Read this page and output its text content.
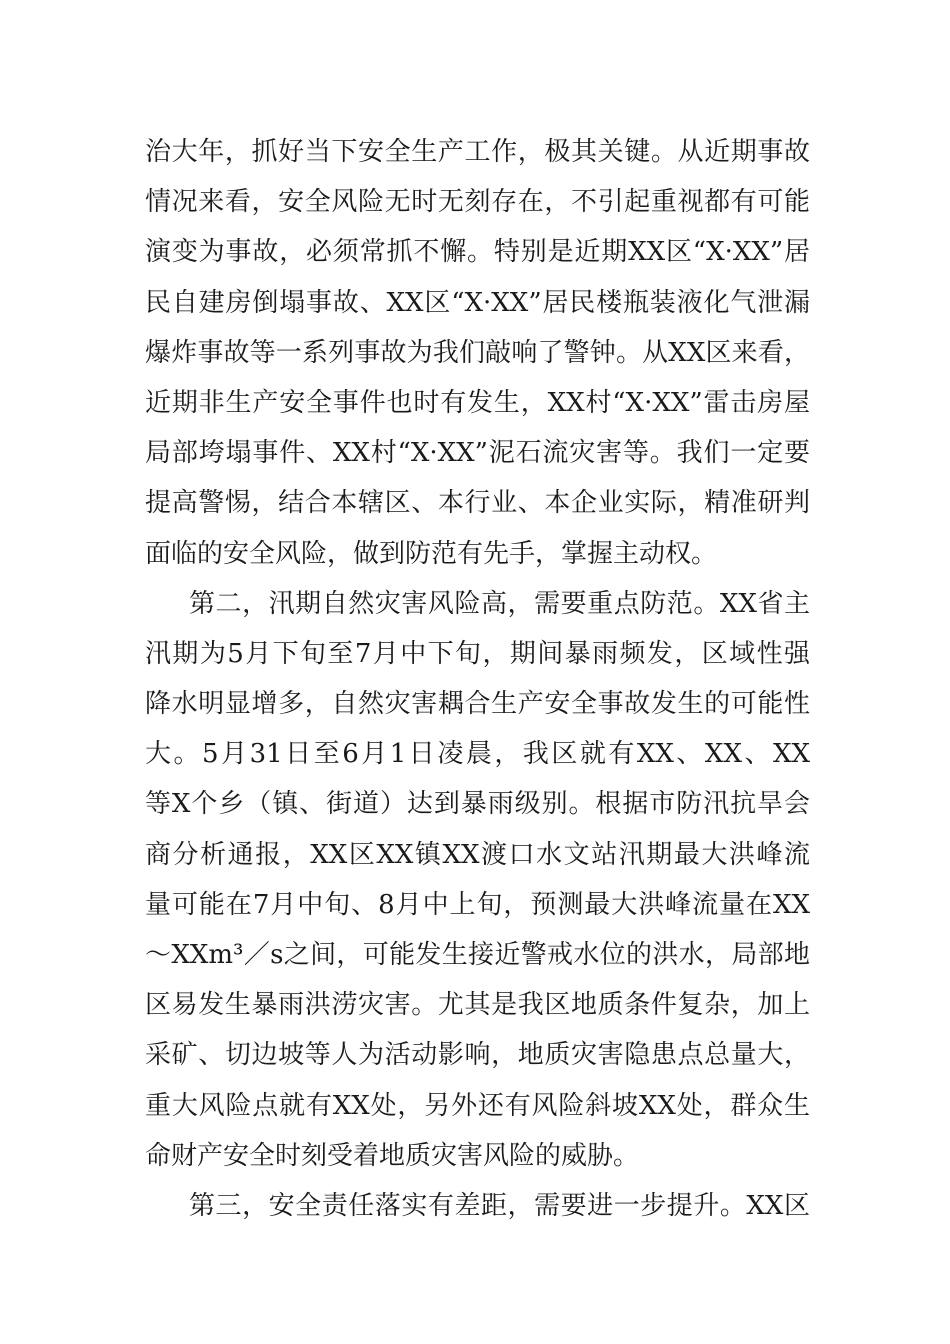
治大年，抓好当下安全生产工作，极其关键。从近期事故
情况来看，安全风险无时无刻存在，不引起重视都有可能
演变为事故，必须常抓不懈。特别是近期XX区“X·XX”居
民自建房倒塌事故、XX区“X·XX”居民楼瓶装液化气泄漏
爆炸事故等一系列事故为我们敲响了警钟。从XX区来看，
近期非生产安全事件也时有发生，XX村“X·XX”雷击房屋
局部垮塌事件、XX村“X·XX”泥石流灾害等。我们一定要
提高警惕，结合本辖区、本行业、本企业实际，精准研判
面临的安全风险，做到防范有先手，掌握主动权。
第二，汛期自然灾害风险高，需要重点防范。XX省主
汛期为5月下旬至7月中下旬，期间暴雨频发，区域性强
降水明显增多，自然灾害耦合生产安全事故发生的可能性
大。5月31日至6月1日凌晨，我区就有XX、XX、XX
等X个乡（镇、街道）达到暴雨级别。根据市防汛抗旱会
商分析通报，XX区XX镇XX渡口水文站汛期最大洪峰流
量可能在7月中旬、8月中上旬，预测最大洪峰流量在XX
～XXm³／s之间，可能发生接近警戒水位的洪水，局部地
区易发生暴雨洪涝灾害。尤其是我区地质条件复杂，加上
采矿、切边坡等人为活动影响，地质灾害隐患点总量大，
重大风险点就有XX处，另外还有风险斜坡XX处，群众生
命财产安全时刻受着地质灾害风险的威胁。
第三，安全责任落实有差距，需要进一步提升。XX区
